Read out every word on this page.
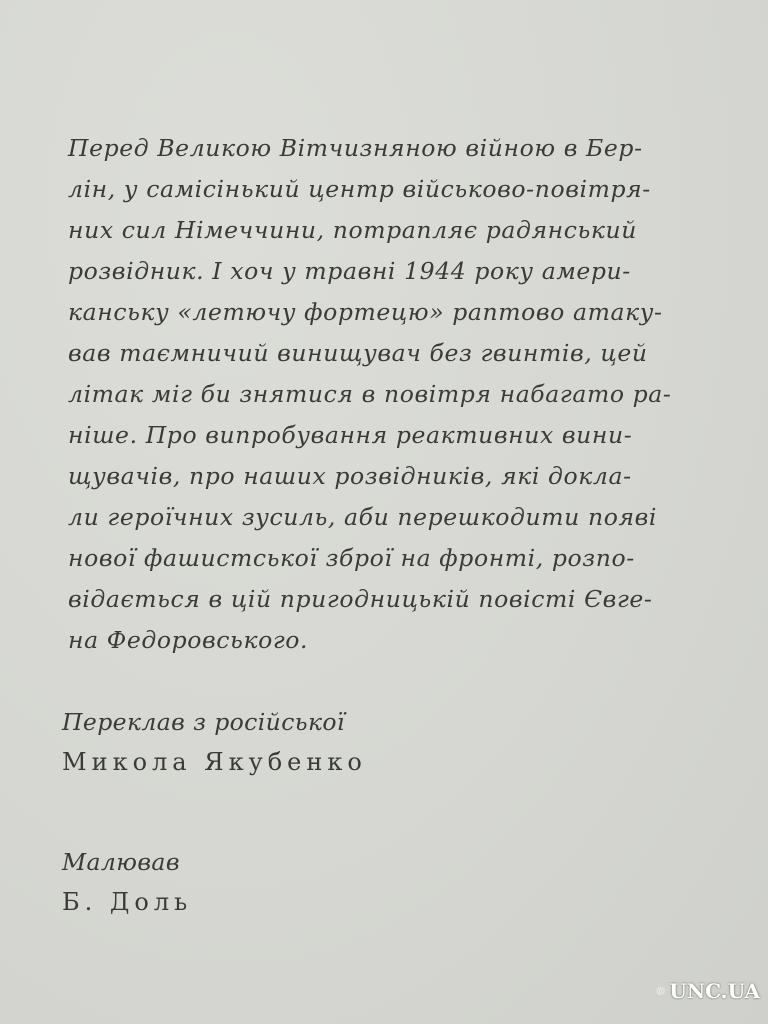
Перед Великою Вітчизняною війною в Бер-
лін, у самісінький центр військово-повітря-
них сил Німеччини, потрапляє радянський
розвідник. І хоч у травні 1944 року амери-
канську «летючу фортецю» раптово атаку-
вав таємничий винищувач без гвинтів, цей
літак міг би знятися в повітря набагато ра-
ніше. Про випробування реактивних вини-
щувачів, про наших розвідників, які докла-
ли героїчних зусиль, аби перешкодити появі
нової фашистської зброї на фронті, розпо-
відається в цій пригодницькій повісті Євге-
на Федоровського.

Переклав з російської
Микола Якубенко
Малював
Б. Доль
UNC.UA
